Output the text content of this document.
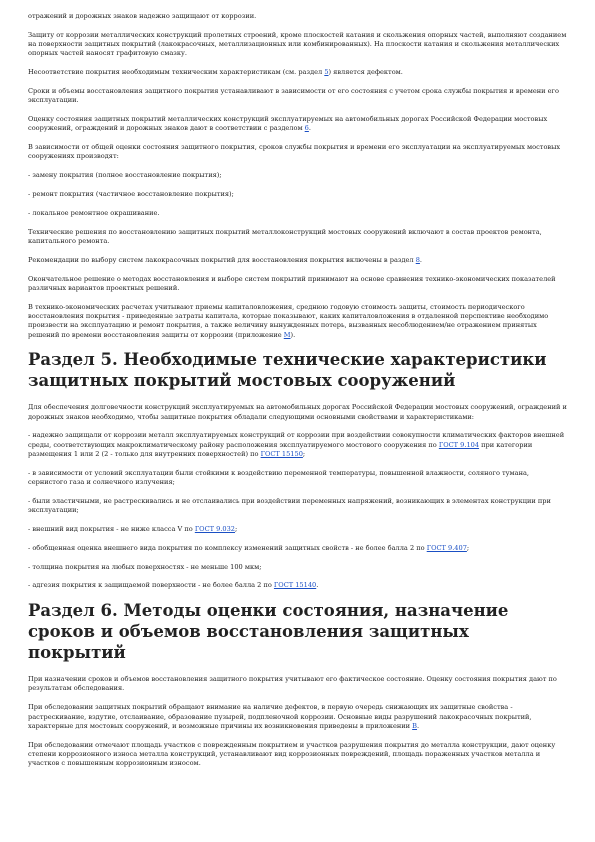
отражений и дорожных знаков надежно защищают от коррозии.

Защиту от коррозии металлических конструкций пролетных строений, кроме плоскостей катания и скольжения опорных частей, выполняют созданием на поверхности защитных покрытий (лакокрасочных, металлизационных или комбинированных). На плоскости катания и скольжения металлических опорных частей наносят графитовую смазку.

Несоответствие покрытия необходимым техническим характеристикам (см. раздел 5) является дефектом.

Сроки и объемы восстановления защитного покрытия устанавливают в зависимости от его состояния с учетом срока службы покрытия и времени его эксплуатации.

Оценку состояния защитных покрытий металлических конструкций эксплуатируемых на автомобильных дорогах Российской Федерации мостовых сооружений, ограждений и дорожных знаков дают в соответствии с разделом 6.

В зависимости от общей оценки состояния защитного покрытия, сроков службы покрытия и времени его эксплуатации на эксплуатируемых мостовых сооружениях производят:

- замену покрытия (полное восстановление покрытия);

- ремонт покрытия (частичное восстановление покрытия);

- локальное ремонтное окрашивание.

Технические решения по восстановлению защитных покрытий металлоконструкций мостовых сооружений включают в состав проектов ремонта, капитального ремонта.

Рекомендации по выбору систем лакокрасочных покрытий для восстановления покрытия включены в раздел 8.

Окончательное решение о методах восстановления и выборе систем покрытий принимают на основе сравнения технико-экономических показателей различных вариантов проектных решений.

В технико-экономических расчетах учитывают приемы капиталовложения, среднюю годовую стоимость защиты, стоимость периодического восстановления покрытия - приведенные затраты капитала, которые показывают, каких капиталовложения в отдаленной перспективе необходимо произвести на эксплуатацию и ремонт покрытия, а также величину вынужденных потерь, вызванных несоблюдением/не отражением принятых решений по времени восстановления защиты от коррозии (приложение М).

Раздел 5. Необходимые технические характеристики защитных покрытий мостовых сооружений

Для обеспечения долговечности конструкций эксплуатируемых на автомобильных дорогах Российской Федерации мостовых сооружений, ограждений и дорожных знаков необходимо, чтобы защитные покрытия обладали следующими основными свойствами и характеристиками:

- надежно защищали от коррозии металл эксплуатируемых конструкций от коррозии при воздействии совокупности климатических факторов внешней среды, соответствующих макроклиматическому району расположения эксплуатируемого мостового сооружения по ГОСТ 9.104 при категории размещения 1 или 2 (2 - только для внутренних поверхностей) по ГОСТ 15150;

- в зависимости от условий эксплуатации были стойкими к воздействию переменной температуры, повышенной влажности, соляного тумана, сернистого газа и солнечного излучения;

- были эластичными, не растрескивались и не отслаивались при воздействии переменных напряжений, возникающих в элементах конструкции при эксплуатации;

- внешний вид покрытия - не ниже класса V по ГОСТ 9.032;

- обобщенная оценка внешнего вида покрытия по комплексу изменений защитных свойств - не более балла 2 по ГОСТ 9.407;

- толщина покрытия на любых поверхностях - не меньше 100 мкм;

- адгезия покрытия к защищаемой поверхности - не более балла 2 по ГОСТ 15140.

Раздел 6. Методы оценки состояния, назначение сроков и объемов восстановления защитных покрытий

При назначении сроков и объемов восстановления защитного покрытия учитывают его фактическое состояние. Оценку состояния покрытия дают по результатам обследования.

При обследовании защитных покрытий обращают внимание на наличие дефектов, в первую очередь снижающих их защитные свойства - растрескивание, вздутие, отслаивание, образование пузырей, подпленочной коррозии. Основные виды разрушений лакокрасочных покрытий, характерные для мостовых сооружений, и возможные причины их возникновения приведены в приложении В.

При обследовании отмечают площадь участков с поврежденным покрытием и участков разрушения покрытия до металла конструкции, дают оценку степени коррозионного износа металла конструкций, устанавливают вид коррозионных повреждений, площадь пораженных участков металла и участков с повышенным коррозионным износом.
